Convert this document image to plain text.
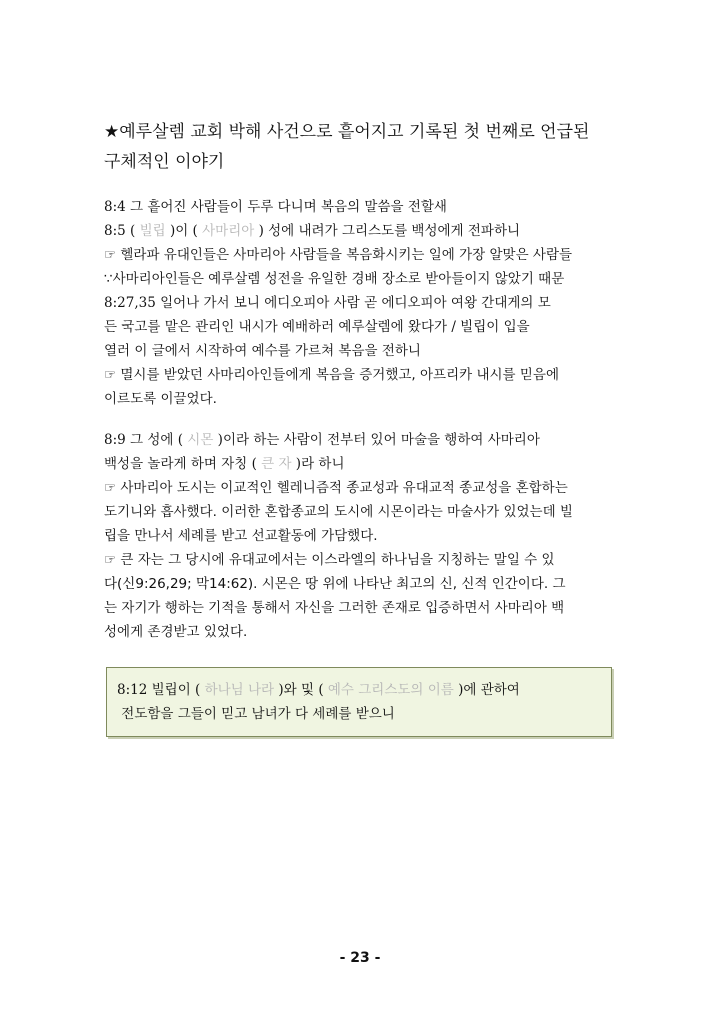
★예루살렘 교회 박해 사건으로 흩어지고 기록된 첫 번째로 언급된
구체적인 이야기
8:4 그 흩어진 사람들이 두루 다니며 복음의 말씀을 전할새
8:5 ( 빌립 )이 ( 사마리아 ) 성에 내려가 그리스도를 백성에게 전파하니
☞ 헬라파 유대인들은 사마리아 사람들을 복음화시키는 일에 가장 알맞은 사람들
∵사마리아인들은 예루살렘 성전을 유일한 경배 장소로 받아들이지 않았기 때문
8:27,35 일어나 가서 보니 에디오피아 사람 곧 에디오피아 여왕 간대게의 모
든 국고를 맡은 관리인 내시가 예배하러 예루살렘에 왔다가 / 빌립이 입을
열러 이 글에서 시작하여 예수를 가르쳐 복음을 전하니
☞ 멸시를 받았던 사마리아인들에게 복음을 증거했고, 아프리카 내시를 믿음에
이르도록 이끌었다.
8:9 그 성에 ( 시몬 )이라 하는 사람이 전부터 있어 마술을 행하여 사마리아
백성을 놀라게 하며 자칭 ( 큰 자 )라 하니
☞ 사마리아 도시는 이교적인 헬레니즘적 종교성과 유대교적 종교성을 혼합하는
도기니와 흡사했다. 이러한 혼합종교의 도시에 시몬이라는 마술사가 있었는데 빌
립을 만나서 세례를 받고 선교활동에 가담했다.
☞ 큰 자는 그 당시에 유대교에서는 이스라엘의 하나님을 지칭하는 말일 수 있
다(신9:26,29; 막14:62). 시몬은 땅 위에 나타난 최고의 신, 신적 인간이다. 그
는 자기가 행하는 기적을 통해서 자신을 그러한 존재로 입증하면서 사마리아 백
성에게 존경받고 있었다.
8:12 빌립이 ( 하나님 나라 )와 및 ( 예수 그리스도의 이름 )에 관하여
전도함을 그들이 믿고 남녀가 다 세례를 받으니
- 23 -
